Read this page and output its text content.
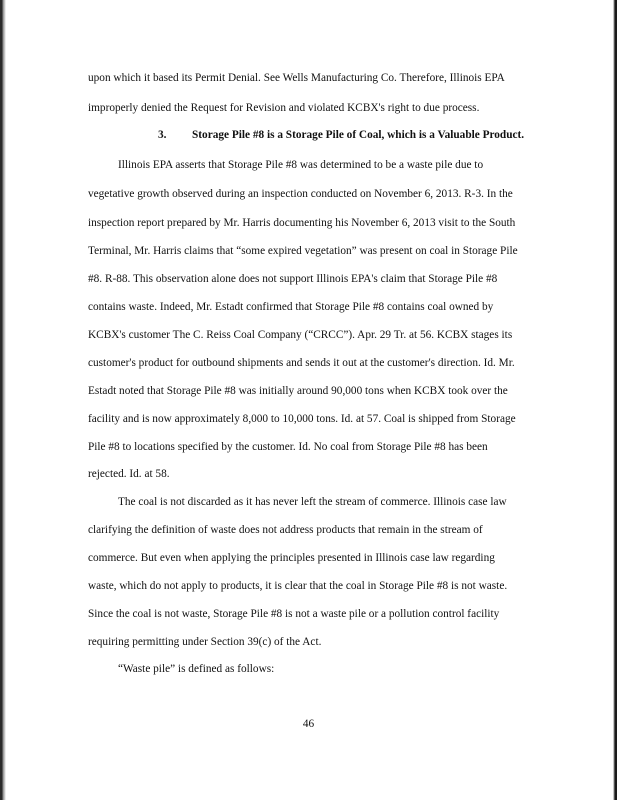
upon which it based its Permit Denial. See Wells Manufacturing Co. Therefore, Illinois EPA
improperly denied the Request for Revision and violated KCBX's right to due process.
3. Storage Pile #8 is a Storage Pile of Coal, which is a Valuable Product.
Illinois EPA asserts that Storage Pile #8 was determined to be a waste pile due to
vegetative growth observed during an inspection conducted on November 6, 2013. R-3. In the
inspection report prepared by Mr. Harris documenting his November 6, 2013 visit to the South
Terminal, Mr. Harris claims that “some expired vegetation” was present on coal in Storage Pile
#8. R-88. This observation alone does not support Illinois EPA's claim that Storage Pile #8
contains waste. Indeed, Mr. Estadt confirmed that Storage Pile #8 contains coal owned by
KCBX's customer The C. Reiss Coal Company (“CRCC”). Apr. 29 Tr. at 56. KCBX stages its
customer's product for outbound shipments and sends it out at the customer's direction. Id. Mr.
Estadt noted that Storage Pile #8 was initially around 90,000 tons when KCBX took over the
facility and is now approximately 8,000 to 10,000 tons. Id. at 57. Coal is shipped from Storage
Pile #8 to locations specified by the customer. Id. No coal from Storage Pile #8 has been
rejected. Id. at 58.
The coal is not discarded as it has never left the stream of commerce. Illinois case law
clarifying the definition of waste does not address products that remain in the stream of
commerce. But even when applying the principles presented in Illinois case law regarding
waste, which do not apply to products, it is clear that the coal in Storage Pile #8 is not waste.
Since the coal is not waste, Storage Pile #8 is not a waste pile or a pollution control facility
requiring permitting under Section 39(c) of the Act.
“Waste pile” is defined as follows:
46
